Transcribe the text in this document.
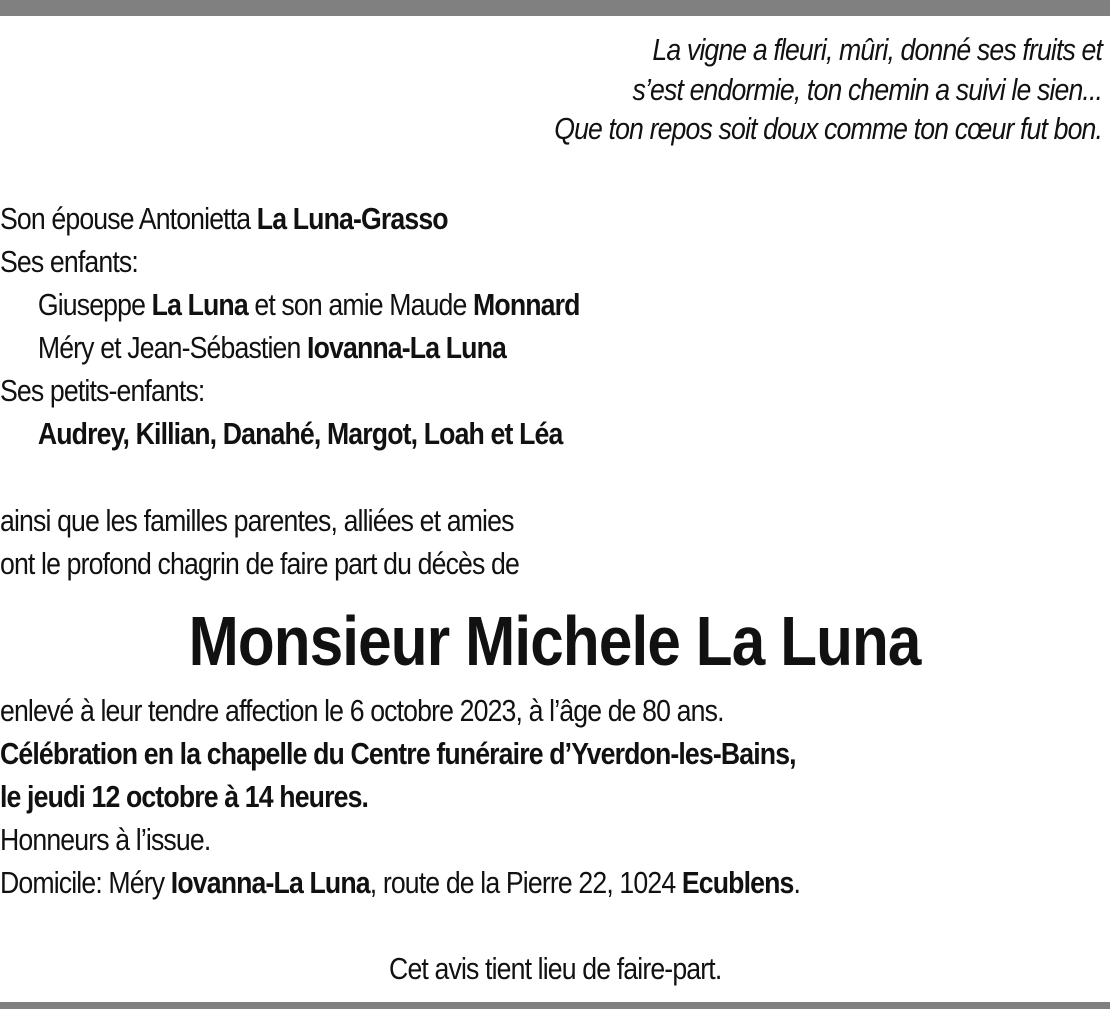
La vigne a fleuri, mûri, donné ses fruits et
s’est endormie, ton chemin a suivi le sien...
Que ton repos soit doux comme ton cœur fut bon.
Son épouse Antonietta La Luna-Grasso
Ses enfants:
Giuseppe La Luna et son amie Maude Monnard
Méry et Jean-Sébastien Iovanna-La Luna
Ses petits-enfants:
Audrey, Killian, Danahé, Margot, Loah et Léa
ainsi que les familles parentes, alliées et amies
ont le profond chagrin de faire part du décès de
Monsieur Michele La Luna
enlevé à leur tendre affection le 6 octobre 2023, à l’âge de 80 ans.
Célébration en la chapelle du Centre funéraire d’Yverdon-les-Bains,
le jeudi 12 octobre à 14 heures.
Honneurs à l’issue.
Domicile: Méry Iovanna-La Luna, route de la Pierre 22, 1024 Ecublens.
Cet avis tient lieu de faire-part.
